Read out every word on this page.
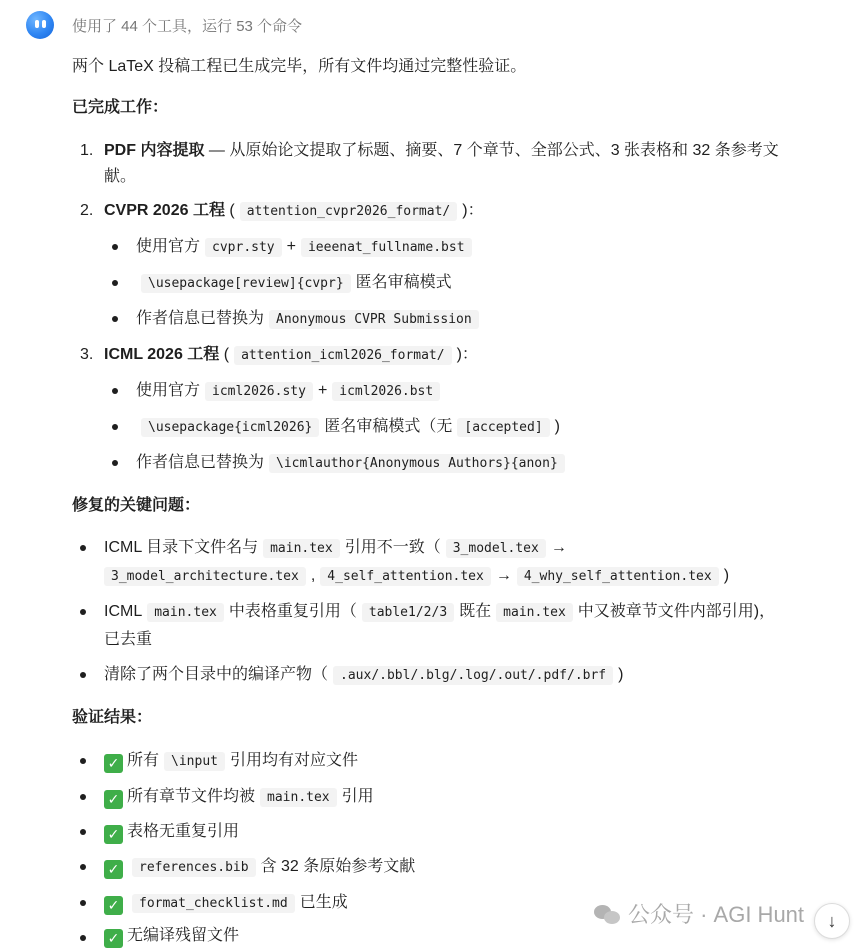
使用了 44 个工具，运行 53 个命令
两个 LaTeX 投稿工程已生成完毕，所有文件均通过完整性验证。
已完成工作：
1. PDF 内容提取 — 从原始论文提取了标题、摘要、7 个章节、全部公式、3 张表格和 32 条参考文
献。
2. CVPR 2026 工程 ( attention_cvpr2026_format/ )：
使用官方 cvpr.sty + ieeenat_fullname.bst
\usepackage[review]{cvpr} 匿名审稿模式
作者信息已替换为 Anonymous CVPR Submission
3. ICML 2026 工程 ( attention_icml2026_format/ )：
使用官方 icml2026.sty + icml2026.bst
\usepackage{icml2026} 匿名审稿模式（无 [accepted] )
作者信息已替换为 \icmlauthor{Anonymous Authors}{anon}
修复的关键问题：
ICML 目录下文件名与 main.tex 引用不一致（ 3_model.tex →
3_model_architecture.tex , 4_self_attention.tex → 4_why_self_attention.tex )
ICML main.tex 中表格重复引用（ table1/2/3 既在 main.tex 中又被章节文件内部引用)，
已去重
清除了两个目录中的编译产物（ .aux/.bbl/.blg/.log/.out/.pdf/.brf )
验证结果：
✓ 所有 \input 引用均有对应文件
✓ 所有章节文件均被 main.tex 引用
✓ 表格无重复引用
✓ references.bib 含 32 条原始参考文献
✓ format_checklist.md 已生成
✓ 无编译残留文件
公众号 · AGI Hunt	↓
